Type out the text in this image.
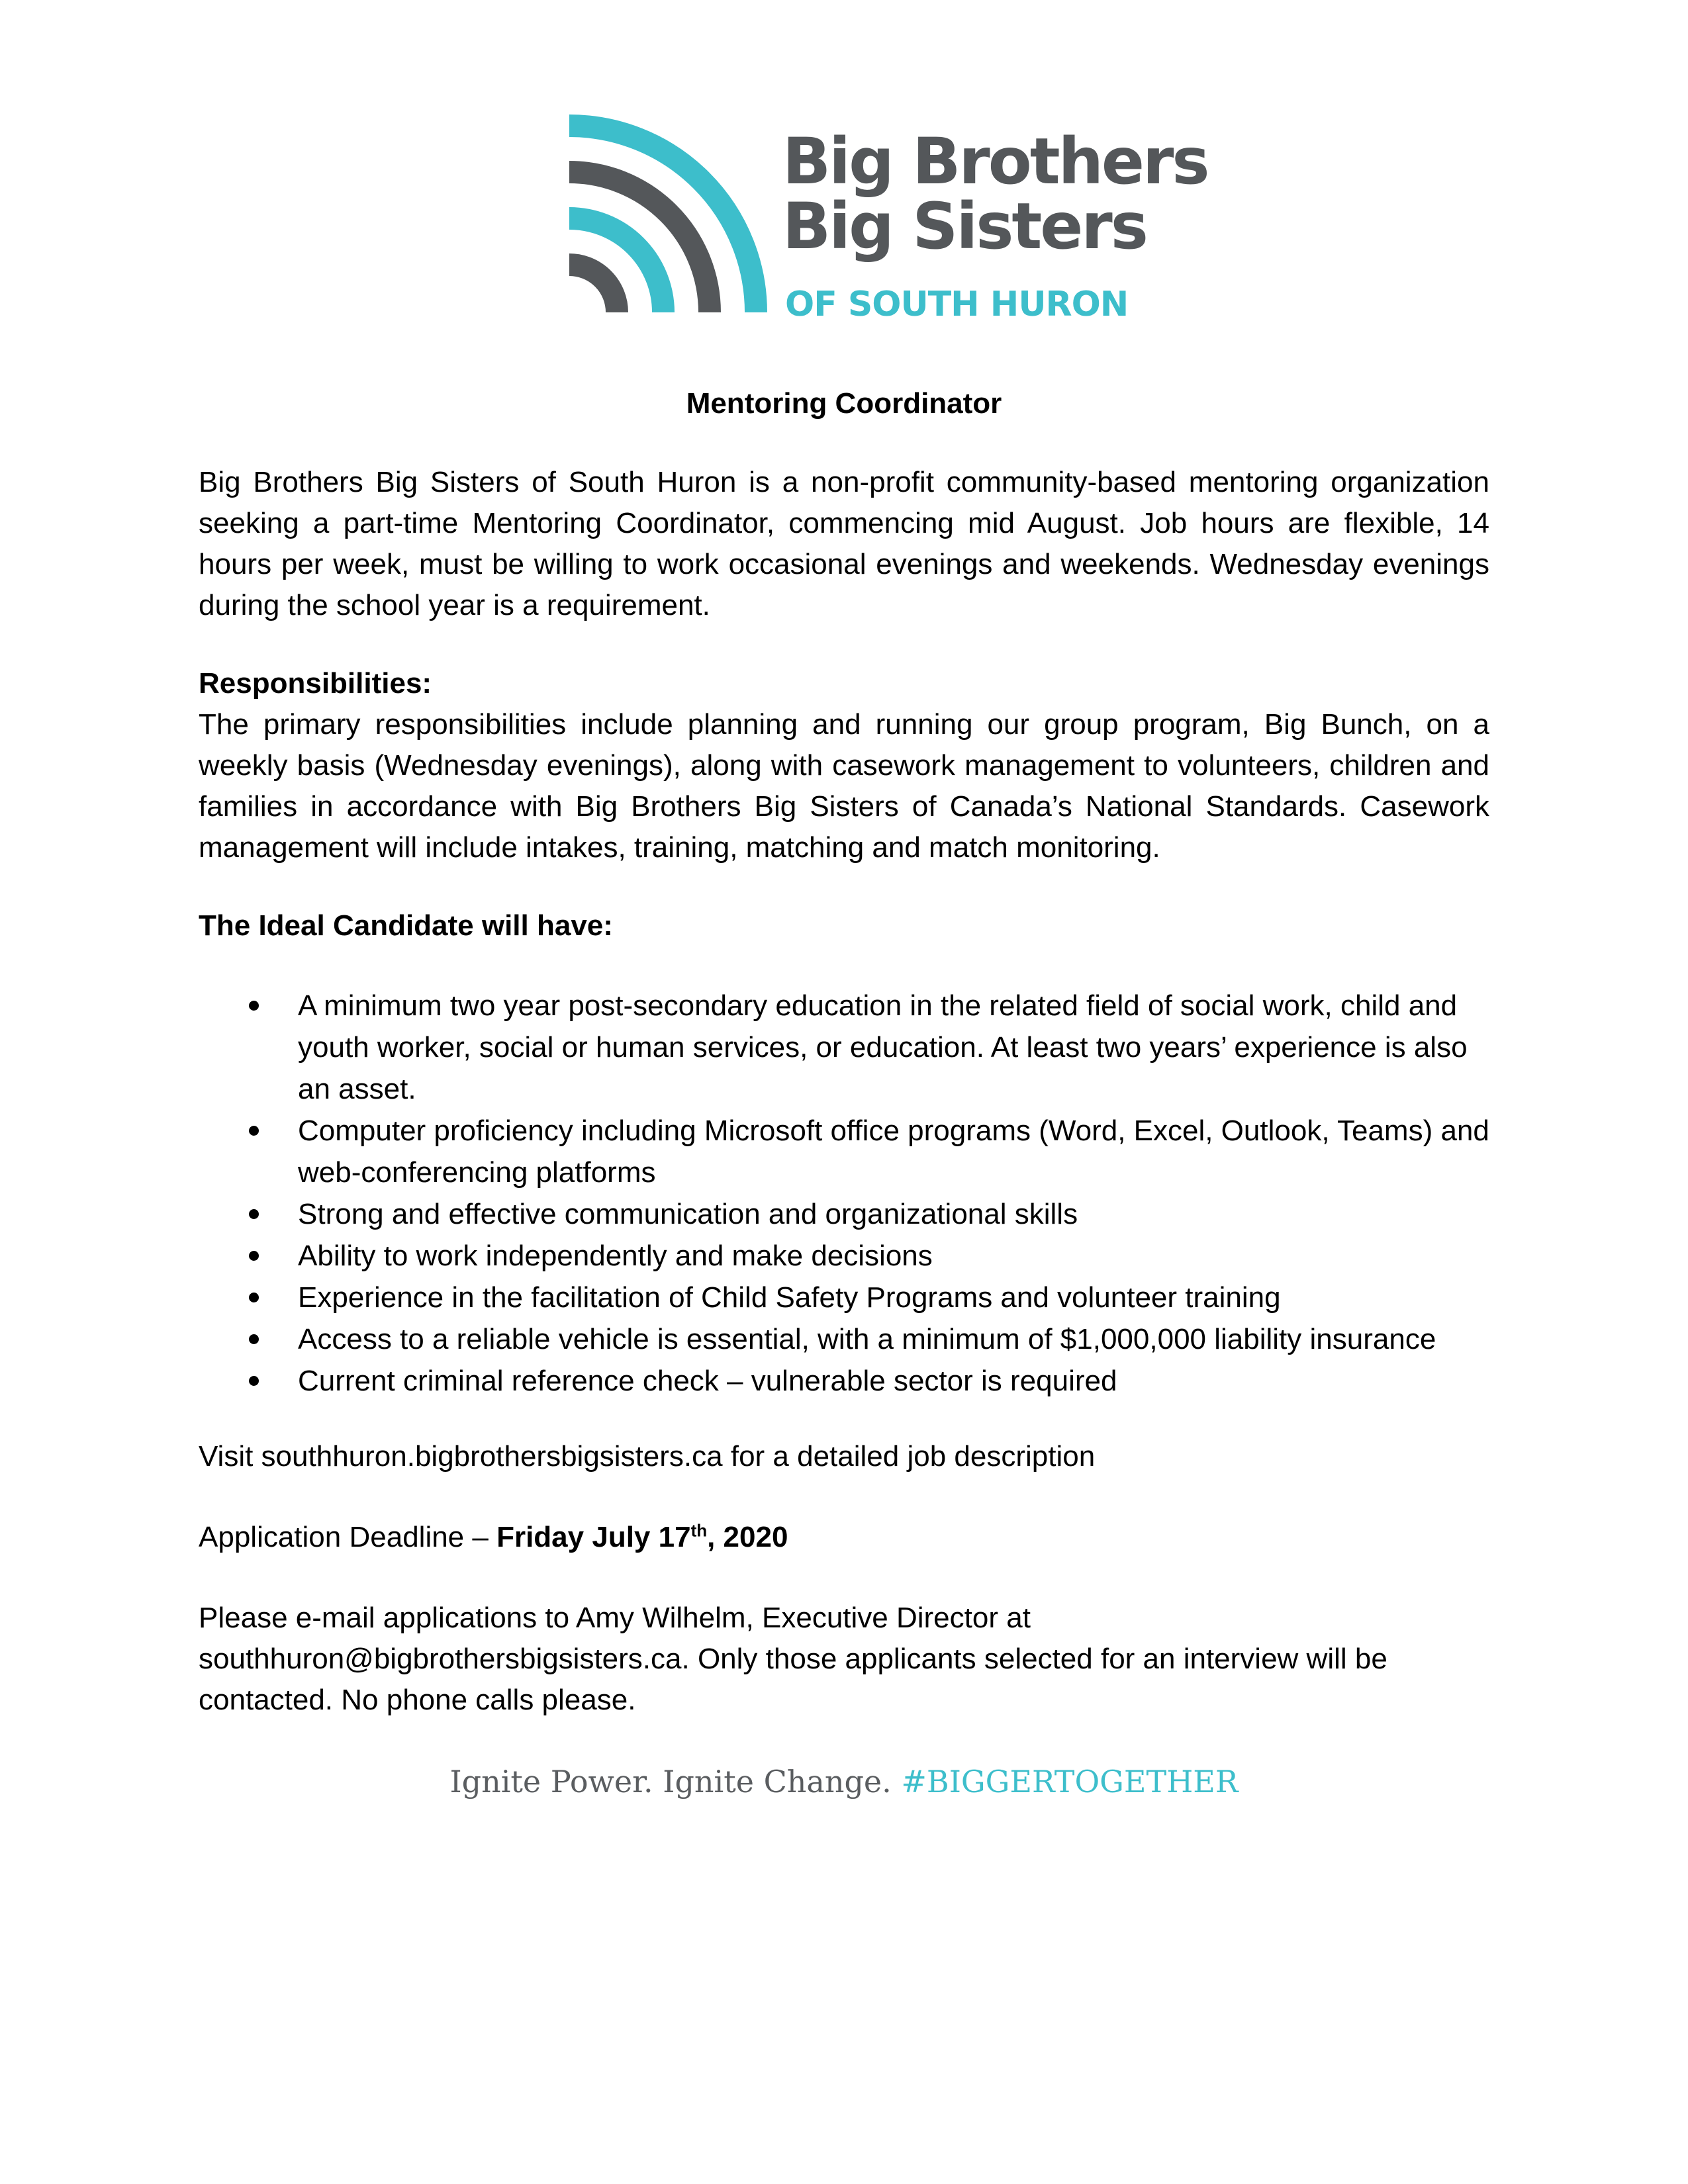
Big Brothers
Big Sisters
OF SOUTH HURON
Mentoring Coordinator
Big Brothers Big Sisters of South Huron is a non-profit community-based mentoring organization seeking a part-time Mentoring Coordinator, commencing mid August. Job hours are flexible, 14 hours per week, must be willing to work occasional evenings and weekends. Wednesday evenings during the school year is a requirement.
Responsibilities:
The primary responsibilities include planning and running our group program, Big Bunch, on a weekly basis (Wednesday evenings), along with casework management to volunteers, children and families in accordance with Big Brothers Big Sisters of Canada’s National Standards. Casework management will include intakes, training, matching and match monitoring.
The Ideal Candidate will have:
A minimum two year post-secondary education in the related field of social work, child and youth worker, social or human services, or education. At least two years’ experience is also an asset.
Computer proficiency including Microsoft office programs (Word, Excel, Outlook, Teams) and web-conferencing platforms
Strong and effective communication and organizational skills
Ability to work independently and make decisions
Experience in the facilitation of Child Safety Programs and volunteer training
Access to a reliable vehicle is essential, with a minimum of $1,000,000 liability insurance
Current criminal reference check – vulnerable sector is required
Visit southhuron.bigbrothersbigsisters.ca for a detailed job description
Application Deadline – Friday July 17th, 2020
Please e-mail applications to Amy Wilhelm, Executive Director at southhuron@bigbrothersbigsisters.ca. Only those applicants selected for an interview will be contacted. No phone calls please.
Ignite Power. Ignite Change. #BIGGERTOGETHER
